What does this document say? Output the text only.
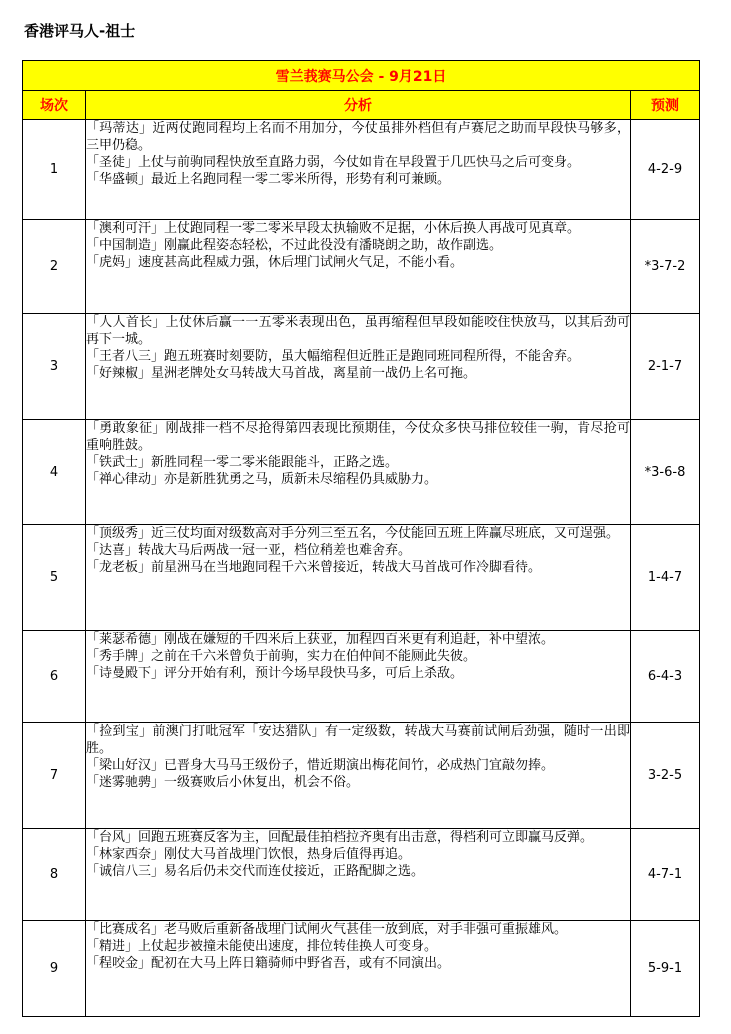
香港评马人-祖士
雪兰莪赛马公会 - 9月21日		
场次	分析	预测
1	「玛蒂达」近两仗跑同程均上名而不用加分，今仗虽排外档但有卢赛尼之助而早段快马够多，三甲仍稳。

「圣徒」上仗与前驹同程快放至直路力弱，今仗如肯在早段置于几匹快马之后可变身。

「华盛顿」最近上名跑同程一零二零米所得，形势有利可兼顾。	4-2-9
2	「澳利可汗」上仗跑同程一零二零米早段太执输败不足据，小休后换人再战可见真章。

「中国制造」刚赢此程姿态轻松，不过此役没有潘晓朗之助，故作副选。

「虎妈」速度甚高此程威力强，休后埋门试闸火气足，不能小看。	*3-7-2
3	「人人首长」上仗休后赢一一五零米表现出色，虽再缩程但早段如能咬住快放马，以其后劲可再下一城。

「王者八三」跑五班赛时刻要防，虽大幅缩程但近胜正是跑同班同程所得，不能舍弃。

「好辣椒」星洲老牌处女马转战大马首战，离星前一战仍上名可拖。	2-1-7
4	「勇敢象征」刚战排一档不尽抢得第四表现比预期佳，今仗众多快马排位较佳一驹，肯尽抢可重响胜鼓。

「铁武士」新胜同程一零二零米能跟能斗，正路之选。

「禅心律动」亦是新胜犹勇之马，质新未尽缩程仍具威胁力。	*3-6-8
5	「顶级秀」近三仗均面对级数高对手分列三至五名，今仗能回五班上阵赢尽班底，又可逞强。

「达喜」转战大马后两战一冠一亚，档位稍差也难舍弃。

「龙老板」前星洲马在当地跑同程千六米曾接近，转战大马首战可作冷脚看待。	1-4-7
6	「莱瑟希德」刚战在嫌短的千四米后上获亚，加程四百米更有利追赶，补中望浓。

「秀手牌」之前在千六米曾负于前驹，实力在伯仲间不能厕此失彼。

「诗曼殿下」评分开始有利，预计今场早段快马多，可后上杀敌。	6-4-3
7	「捡到宝」前澳门打吡冠军「安达猎队」有一定级数，转战大马赛前试闸后劲强，随时一出即胜。

「梁山好汉」已晋身大马马王级份子，惜近期演出梅花间竹，必成热门宜敲勿捧。

「迷雾驰骋」一级赛败后小休复出，机会不俗。	3-2-5
8	「台风」回跑五班赛反客为主，回配最佳拍档拉齐奥有出击意，得档利可立即赢马反弹。

「林家西奈」刚仗大马首战埋门饮恨，热身后值得再追。

「诚信八三」易名后仍未交代而连仗接近，正路配脚之选。	4-7-1
9	「比赛成名」老马败后重新备战埋门试闸火气甚佳一放到底，对手非强可重振雄风。

「精进」上仗起步被撞未能使出速度，排位转佳换人可变身。

「程咬金」配初在大马上阵日籍骑师中野省吾，或有不同演出。	5-9-1
